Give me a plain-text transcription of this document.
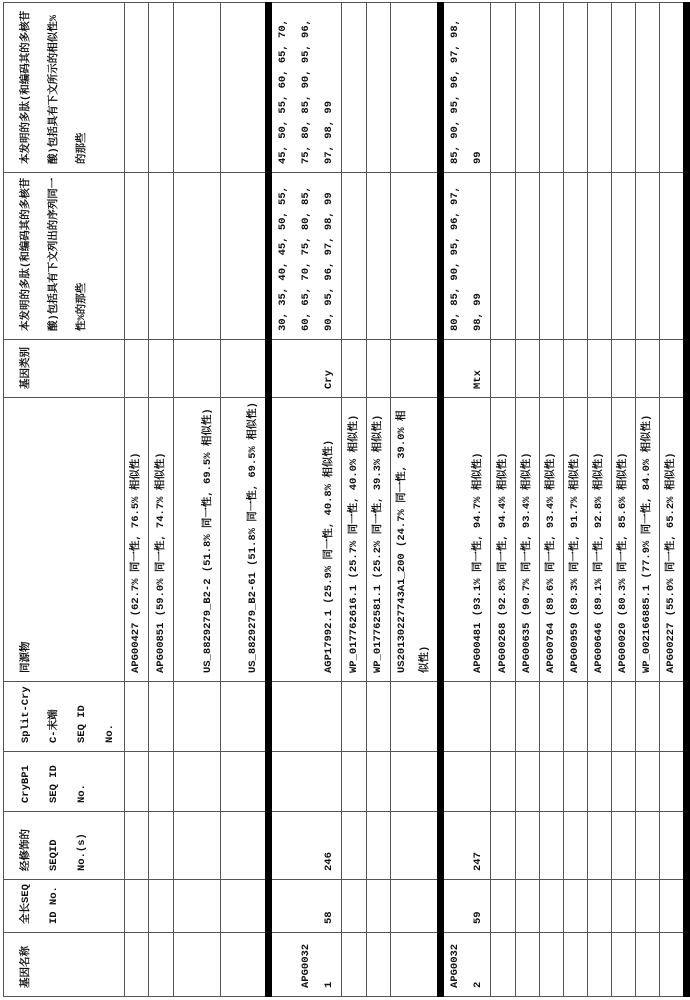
基因名称	全长SEQ ID No.	经修饰的SEQID No.(s)	CryBP1 SEQ ID No.	Split-Cry C-末端 SEQ ID No.	同源物	基因类别	本发明的多肽(和编码其的多核苷酸)包括具有下文列出的序列同一性%的那些	本发明的多肽(和编码其的多核苷酸)包括具有下文所示的相似性%的那些

					APG00427 (62.7% 同一性, 76.5% 相似性)								APG00851 (59.0% 同一性, 74.7% 相似性)								US_8829279_B2-2 (51.8% 同一性, 69.5% 相似性)								US_8829279_B2-61 (51.8% 同一性, 69.5% 相似性)			

APG00321
	58	246			AGP17992.1 (25.9% 同一性, 40.8% 相似性)	Cry	30, 35, 40, 45, 50, 55, 60, 65, 70, 75, 80, 85, 90, 95, 96, 97, 98, 99	45, 50, 55, 60, 65, 70, 75, 80, 85, 90, 95, 96, 97, 98, 99
					WP_017762616.1 (25.7% 同一性, 40.0% 相似性)								WP_017762581.1 (25.2% 同一性, 39.3% 相似性)								US20130227743A1_200 (24.7% 同一性, 39.0% 相似性)			

APG00322
	59	247			APG00481 (93.1% 同一性, 94.7% 相似性)	Mtx	80, 85, 90, 95, 96, 97, 98, 99	85, 90, 95, 96, 97, 98, 99
					APG00268 (92.8% 同一性, 94.4% 相似性)								APG00635 (90.7% 同一性, 93.4% 相似性)								APG00764 (89.6% 同一性, 93.4% 相似性)								APG00959 (89.3% 同一性, 91.7% 相似性)								APG00646 (89.1% 同一性, 92.8% 相似性)								APG00020 (80.3% 同一性, 85.6% 相似性)								WP_002166885.1 (77.9% 同一性, 84.0% 相似性)								APG00227 (55.0% 同一性, 65.2% 相似性)			
